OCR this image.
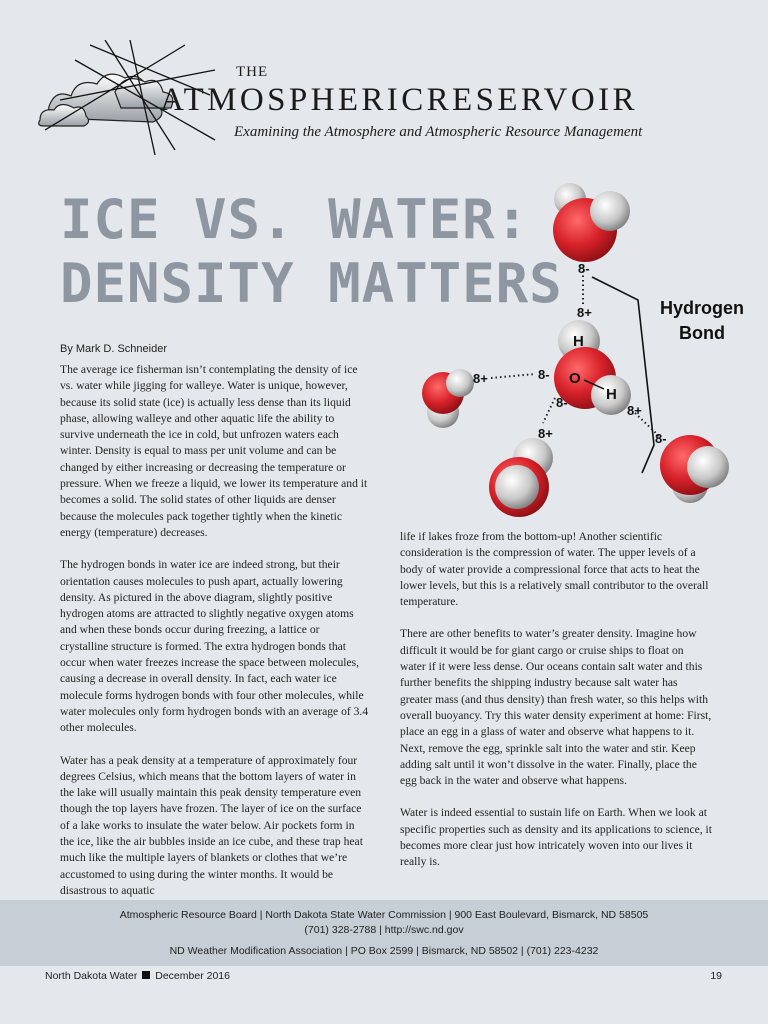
THE
ATMOSPHERICRESERVOIR
Examining the Atmosphere and Atmospheric Resource Management
ICE VS. WATER:
DENSITY MATTERS
H
O
H
8-
8+
8+	8-
8-
8+
8+
8-
Hydrogen
Bond
By Mark D. Schneider

The average ice fisherman isn’t contemplating the density of ice vs. water while jigging for walleye. Water is unique, however, because its solid state (ice) is actually less dense than its liquid phase, allowing walleye and other aquatic life the ability to survive underneath the ice in cold, but unfrozen waters each winter. Density is equal to mass per unit volume and can be changed by either increasing or decreasing the temperature or pressure. When we freeze a liquid, we lower its temperature and it becomes a solid. The solid states of other liquids are denser because the molecules pack together tightly when the kinetic energy (temperature) decreases.

The hydrogen bonds in water ice are indeed strong, but their orientation causes molecules to push apart, actually lowering density. As pictured in the above diagram, slightly positive hydrogen atoms are attracted to slightly negative oxygen atoms and when these bonds occur during freezing, a lattice or crystalline structure is formed. The extra hydrogen bonds that occur when water freezes increase the space between molecules, causing a decrease in overall density. In fact, each water ice molecule forms hydrogen bonds with four other molecules, while water molecules only form hydrogen bonds with an average of 3.4 other molecules.

Water has a peak density at a temperature of approximately four degrees Celsius, which means that the bottom layers of water in the lake will usually maintain this peak density temperature even though the top layers have frozen. The layer of ice on the surface of a lake works to insulate the water below. Air pockets form in the ice, like the air bubbles inside an ice cube, and these trap heat much like the multiple layers of blankets or clothes that we’re accustomed to using during the winter months. It would be disastrous to aquatic

life if lakes froze from the bottom-up! Another scientific consideration is the compression of water. The upper levels of a body of water provide a compressional force that acts to heat the lower levels, but this is a relatively small contributor to the overall temperature.

There are other benefits to water’s greater density. Imagine how difficult it would be for giant cargo or cruise ships to float on water if it were less dense. Our oceans contain salt water and this further benefits the shipping industry because salt water has greater mass (and thus density) than fresh water, so this helps with overall buoyancy. Try this water density experiment at home: First, place an egg in a glass of water and observe what happens to it. Next, remove the egg, sprinkle salt into the water and stir. Keep adding salt until it won’t dissolve in the water. Finally, place the egg back in the water and observe what happens.

Water is indeed essential to sustain life on Earth. When we look at specific properties such as density and its applications to science, it becomes more clear just how intricately woven into our lives it really is.

Atmospheric Resource Board | North Dakota State Water Commission | 900 East Boulevard, Bismarck, ND 58505
(701) 328-2788 | http://swc.nd.gov
ND Weather Modification Association | PO Box 2599 | Bismarck, ND 58502 | (701) 223-4232
North Dakota Water December 2016	19
